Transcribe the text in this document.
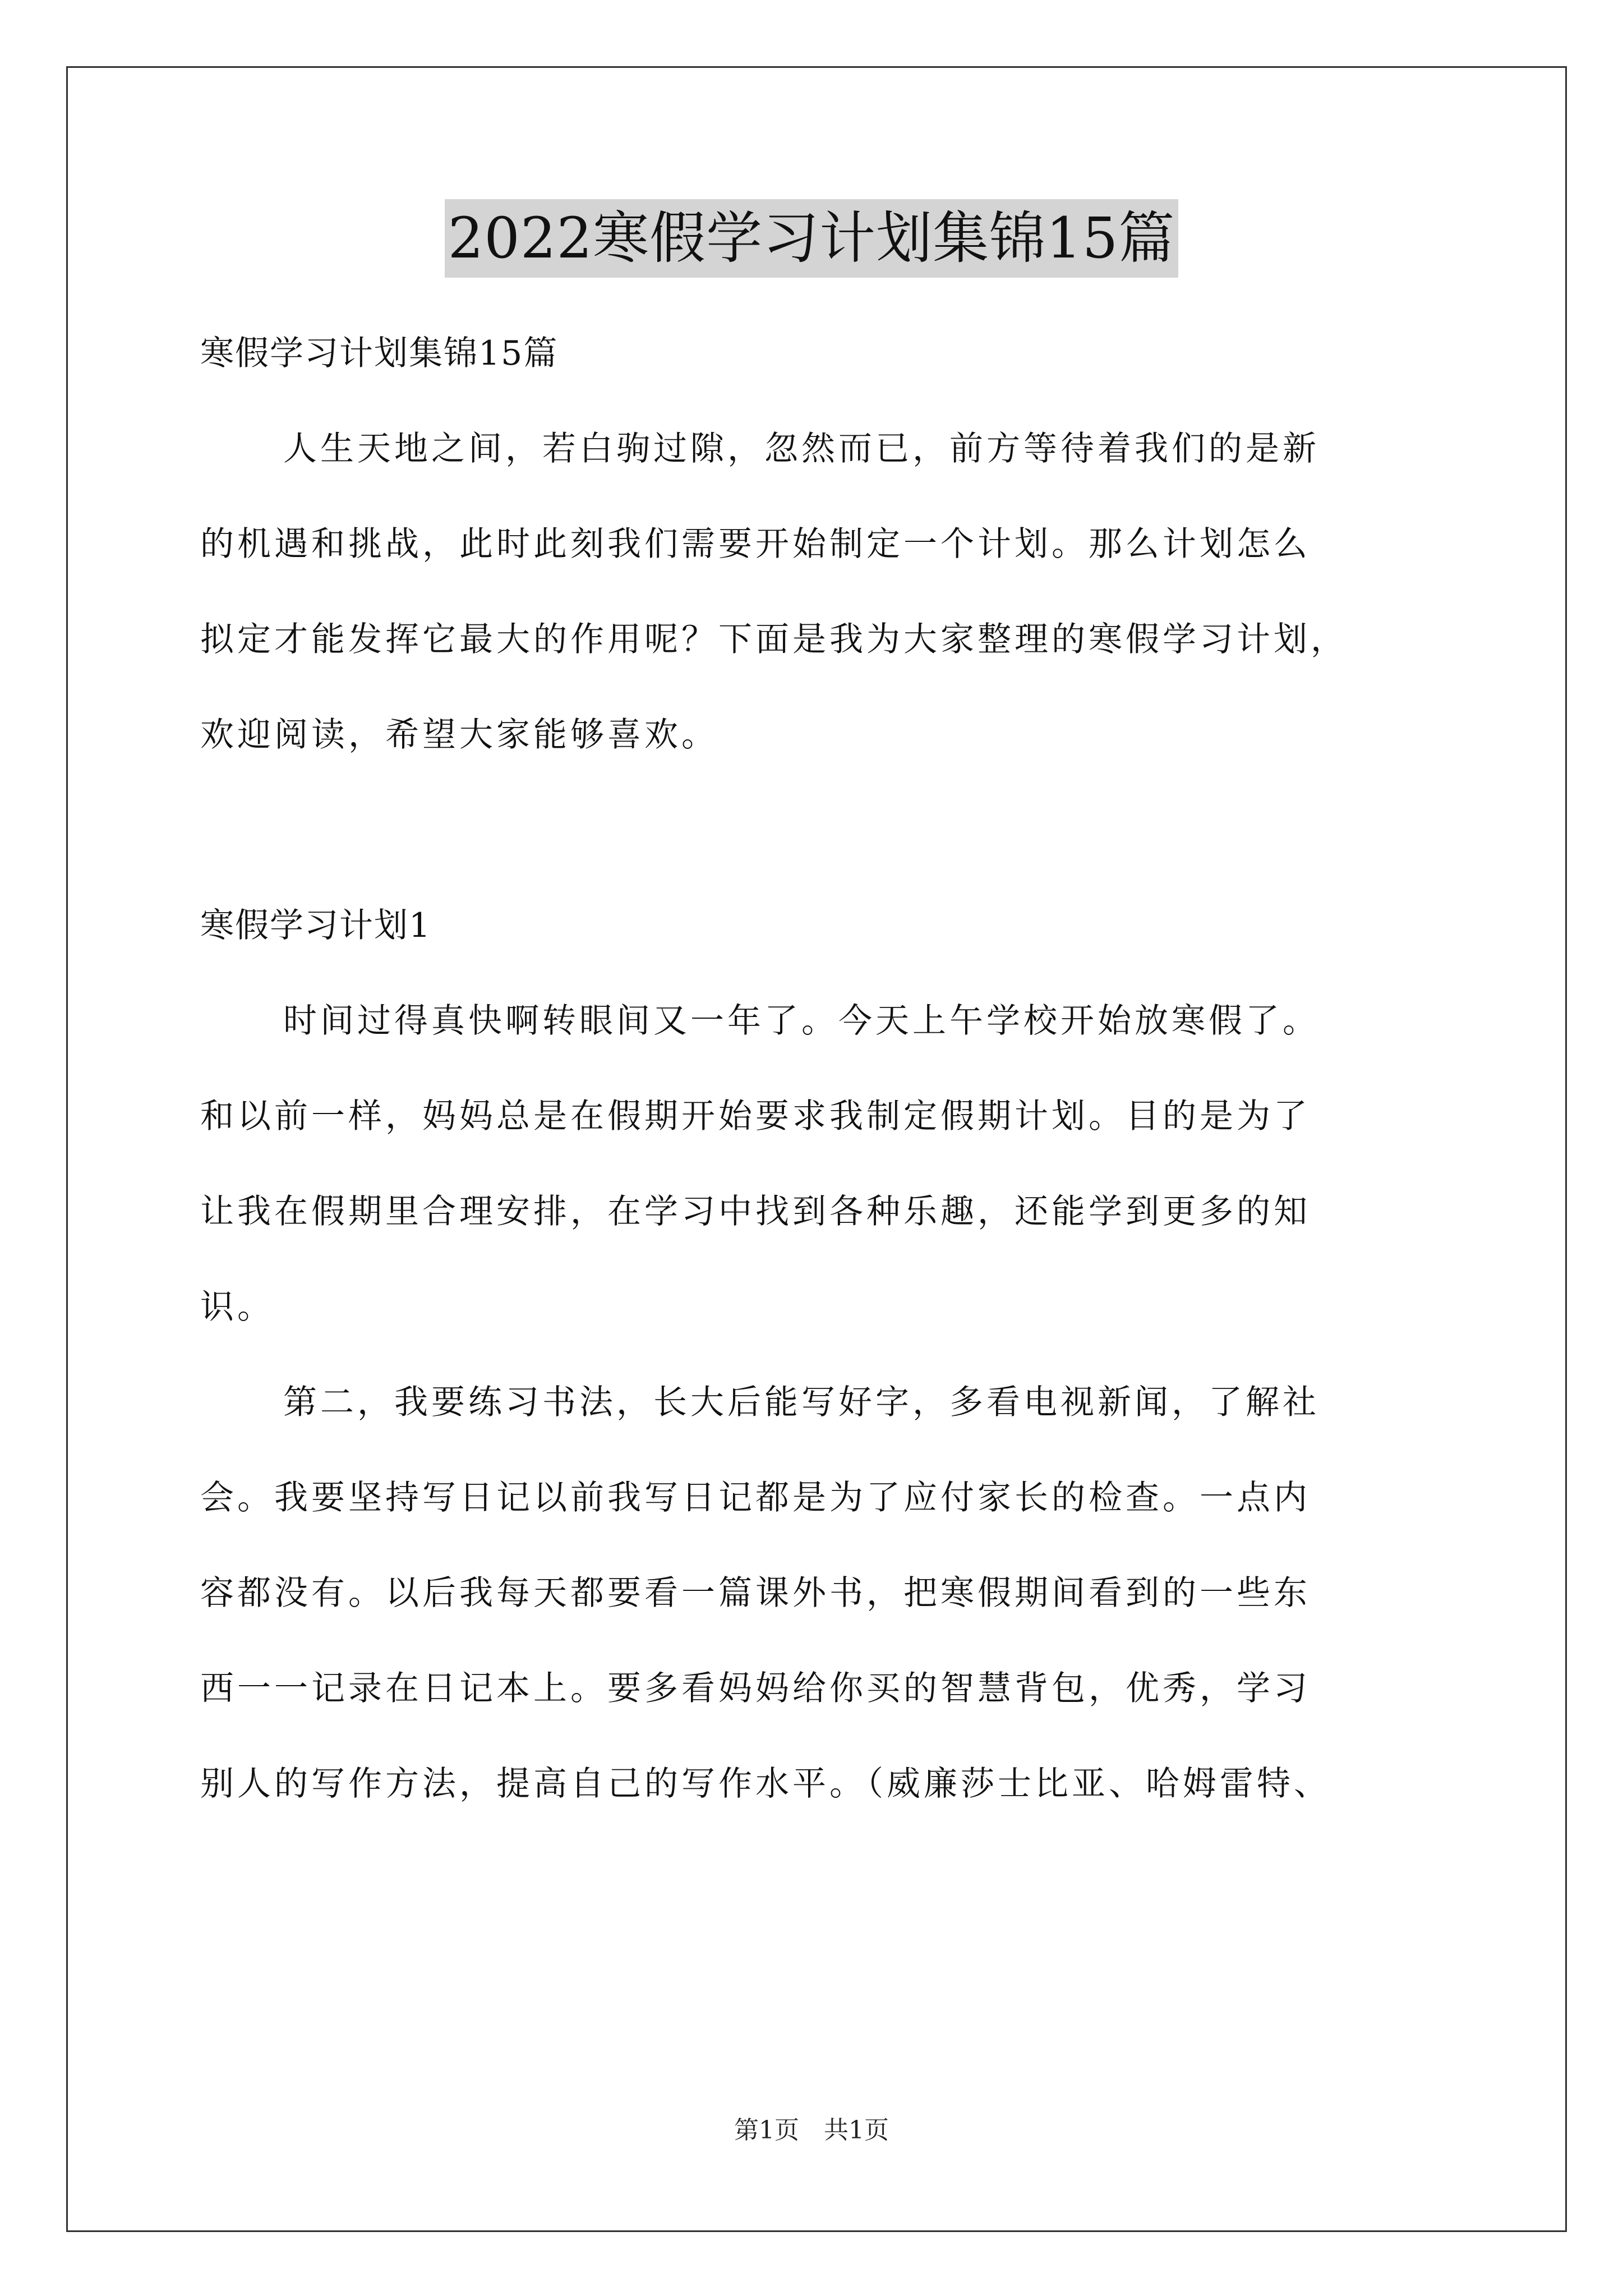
2022寒假学习计划集锦15篇
寒假学习计划集锦15篇
人生天地之间，若白驹过隙，忽然而已，前方等待着我们的是新
的机遇和挑战，此时此刻我们需要开始制定一个计划。那么计划怎么
拟定才能发挥它最大的作用呢？下面是我为大家整理的寒假学习计划，
欢迎阅读，希望大家能够喜欢。
寒假学习计划1
时间过得真快啊转眼间又一年了。今天上午学校开始放寒假了。
和以前一样，妈妈总是在假期开始要求我制定假期计划。目的是为了
让我在假期里合理安排，在学习中找到各种乐趣，还能学到更多的知
识。
第二，我要练习书法，长大后能写好字，多看电视新闻，了解社
会。我要坚持写日记以前我写日记都是为了应付家长的检查。一点内
容都没有。以后我每天都要看一篇课外书，把寒假期间看到的一些东
西一一记录在日记本上。要多看妈妈给你买的智慧背包，优秀，学习
别人的写作方法，提高自己的写作水平。（威廉莎士比亚、哈姆雷特、
第1页　共1页
